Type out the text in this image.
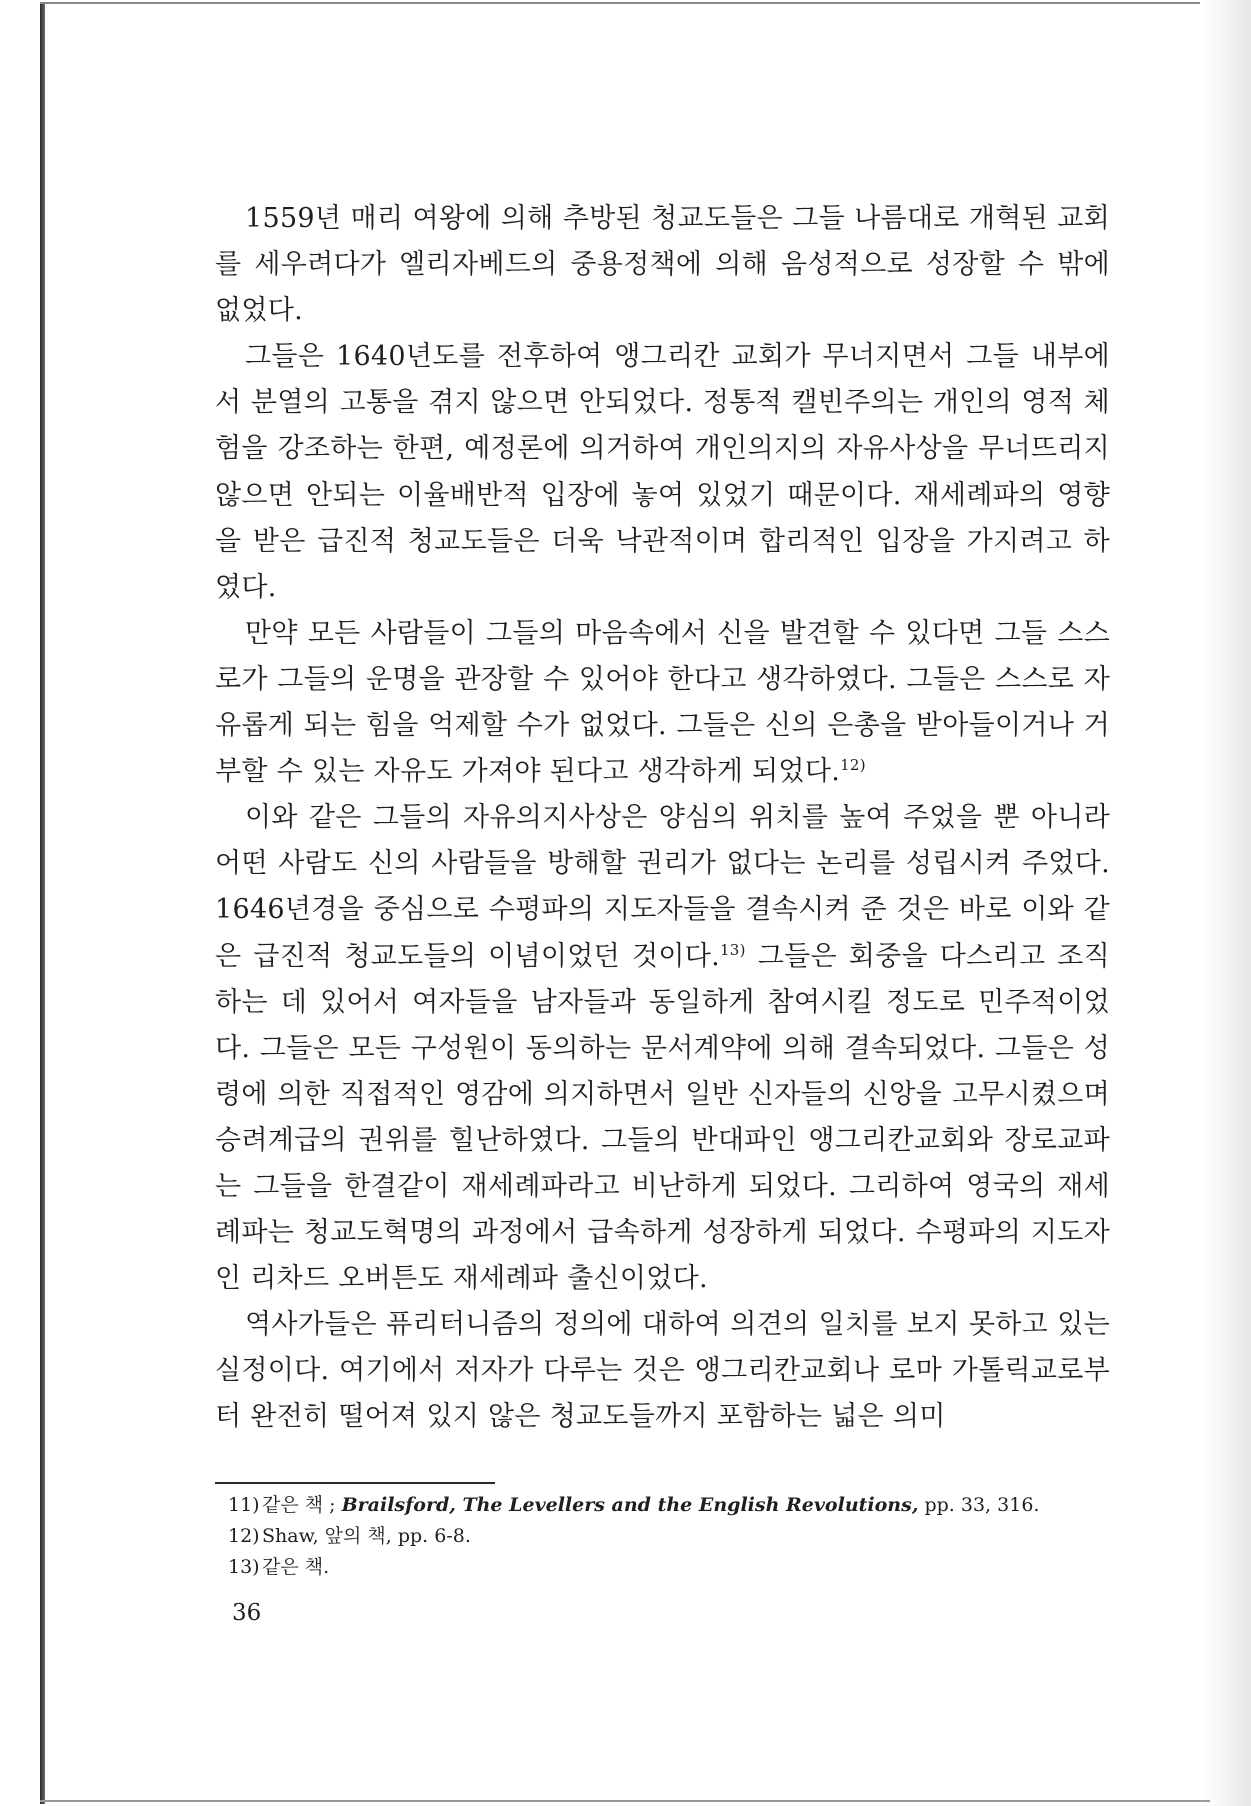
1559년 매리 여왕에 의해 추방된 청교도들은 그들 나름대로 개혁된 교회를 세우려다가 엘리자베드의 중용정책에 의해 음성적으로 성장할 수 밖에 없었다.

그들은 1640년도를 전후하여 앵그리칸 교회가 무너지면서 그들 내부에서 분열의 고통을 겪지 않으면 안되었다. 정통적 캘빈주의는 개인의 영적 체험을 강조하는 한편, 예정론에 의거하여 개인의지의 자유사상을 무너뜨리지 않으면 안되는 이율배반적 입장에 놓여 있었기 때문이다. 재세례파의 영향을 받은 급진적 청교도들은 더욱 낙관적이며 합리적인 입장을 가지려고 하였다.

만약 모든 사람들이 그들의 마음속에서 신을 발견할 수 있다면 그들 스스로가 그들의 운명을 관장할 수 있어야 한다고 생각하였다. 그들은 스스로 자유롭게 되는 힘을 억제할 수가 없었다. 그들은 신의 은총을 받아들이거나 거부할 수 있는 자유도 가져야 된다고 생각하게 되었다.$^{12)}$

이와 같은 그들의 자유의지사상은 양심의 위치를 높여 주었을 뿐 아니라 어떤 사람도 신의 사람들을 방해할 권리가 없다는 논리를 성립시켜 주었다. 1646년경을 중심으로 수평파의 지도자들을 결속시켜 준 것은 바로 이와 같은 급진적 청교도들의 이념이었던 것이다.$^{13)}$ 그들은 회중을 다스리고 조직하는 데 있어서 여자들을 남자들과 동일하게 참여시킬 정도로 민주적이었다. 그들은 모든 구성원이 동의하는 문서계약에 의해 결속되었다. 그들은 성령에 의한 직접적인 영감에 의지하면서 일반 신자들의 신앙을 고무시켰으며 승려계급의 권위를 힐난하였다. 그들의 반대파인 앵그리칸교회와 장로교파는 그들을 한결같이 재세례파라고 비난하게 되었다. 그리하여 영국의 재세례파는 청교도혁명의 과정에서 급속하게 성장하게 되었다. 수평파의 지도자인 리차드 오버튼도 재세례파 출신이었다.

역사가들은 퓨리터니즘의 정의에 대하여 의견의 일치를 보지 못하고 있는 실정이다. 여기에서 저자가 다루는 것은 앵그리칸교회나 로마 가톨릭교로부터 완전히 떨어져 있지 않은 청교도들까지 포함하는 넓은 의미

11) 같은 책 ; Brailsford, The Levellers and the English Revolutions, pp. 33, 316.
12) Shaw, 앞의 책, pp. 6-8.
13) 같은 책.
36
